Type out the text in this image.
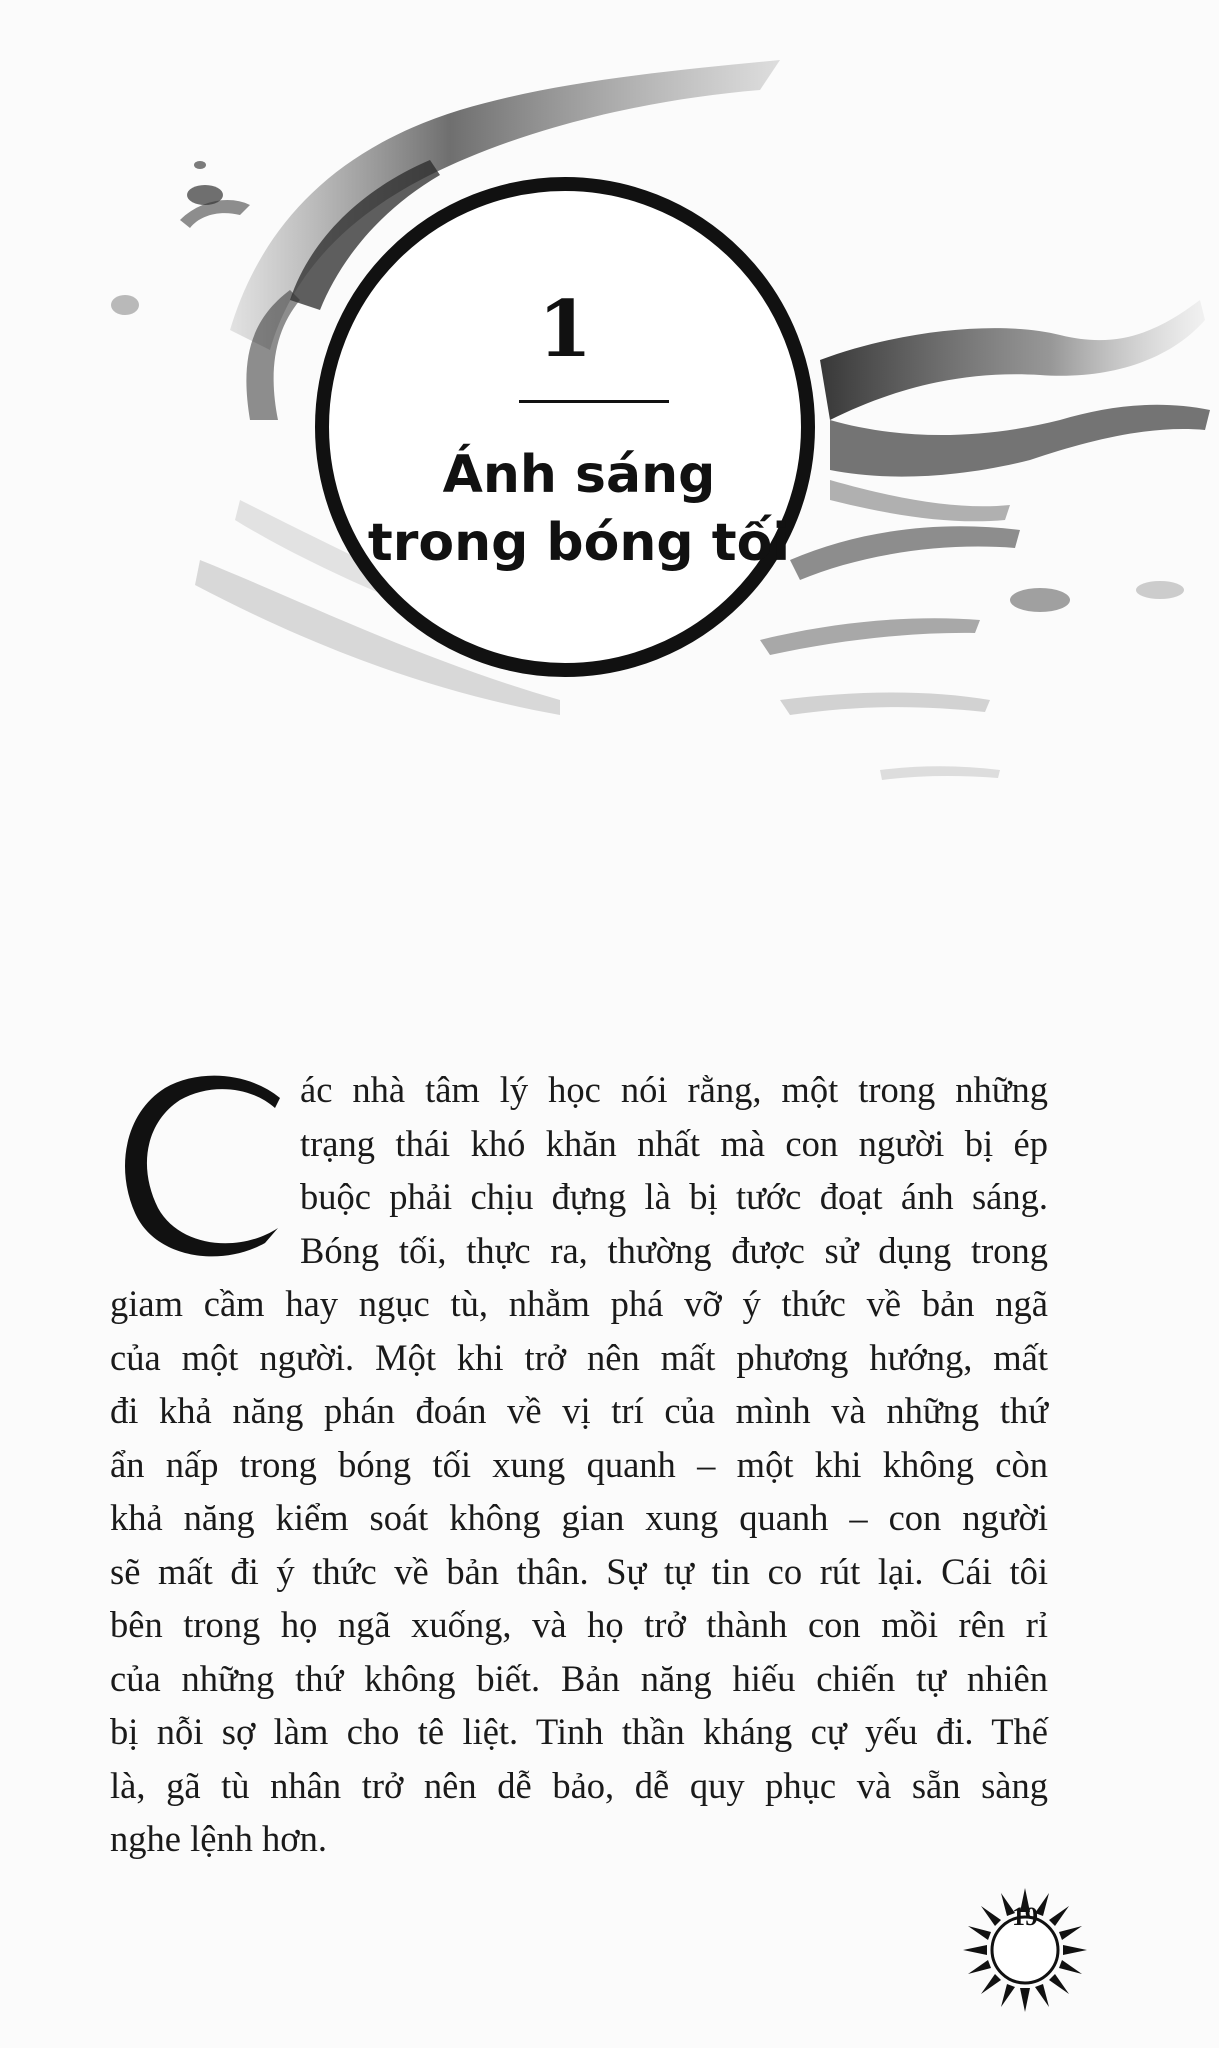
1
Ánh sáng
trong bóng tối
ác nhà tâm lý học nói rằng, một trong những
trạng thái khó khăn nhất mà con người bị ép
buộc phải chịu đựng là bị tước đoạt ánh sáng.
Bóng tối, thực ra, thường được sử dụng trong
giam cầm hay ngục tù, nhằm phá vỡ ý thức về bản ngã
của một người. Một khi trở nên mất phương hướng, mất
đi khả năng phán đoán về vị trí của mình và những thứ
ẩn nấp trong bóng tối xung quanh – một khi không còn
khả năng kiểm soát không gian xung quanh – con người
sẽ mất đi ý thức về bản thân. Sự tự tin co rút lại. Cái tôi
bên trong họ ngã xuống, và họ trở thành con mồi rên rỉ
của những thứ không biết. Bản năng hiếu chiến tự nhiên
bị nỗi sợ làm cho tê liệt. Tinh thần kháng cự yếu đi. Thế
là, gã tù nhân trở nên dễ bảo, dễ quy phục và sẵn sàng
nghe lệnh hơn.
19
